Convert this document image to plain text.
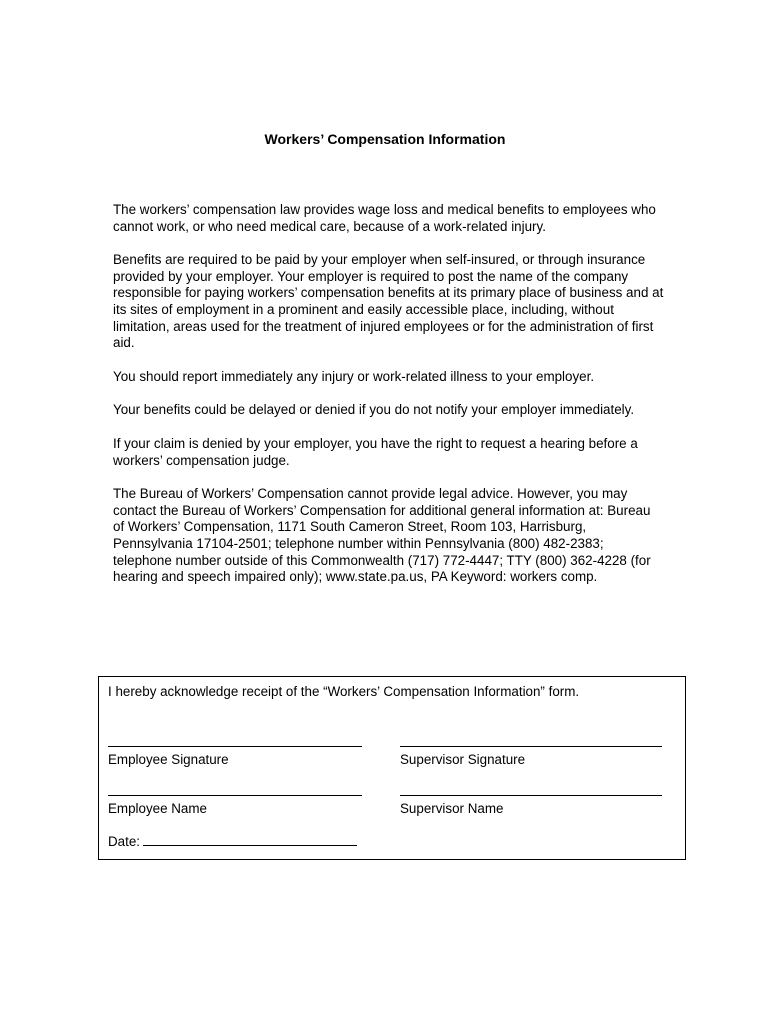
Workers’ Compensation Information

The workers’ compensation law provides wage loss and medical benefits to employees who cannot work, or who need medical care, because of a work-related injury.

Benefits are required to be paid by your employer when self-insured, or through insurance provided by your employer. Your employer is required to post the name of the company responsible for paying workers’ compensation benefits at its primary place of business and at its sites of employment in a prominent and easily accessible place, including, without limitation, areas used for the treatment of injured employees or for the administration of first aid.

You should report immediately any injury or work-related illness to your employer.

Your benefits could be delayed or denied if you do not notify your employer immediately.

If your claim is denied by your employer, you have the right to request a hearing before a workers’ compensation judge.

The Bureau of Workers’ Compensation cannot provide legal advice. However, you may contact the Bureau of Workers’ Compensation for additional general information at: Bureau of Workers’ Compensation, 1171 South Cameron Street, Room 103, Harrisburg, Pennsylvania 17104-2501; telephone number within Pennsylvania (800) 482-2383; telephone number outside of this Commonwealth (717) 772-4447; TTY (800) 362-4228 (for hearing and speech impaired only); www.state.pa.us, PA Keyword: workers comp.

I hereby acknowledge receipt of the “Workers’ Compensation Information” form.
Employee Signature	Supervisor Signature
Employee Name	Supervisor Name
Date:
